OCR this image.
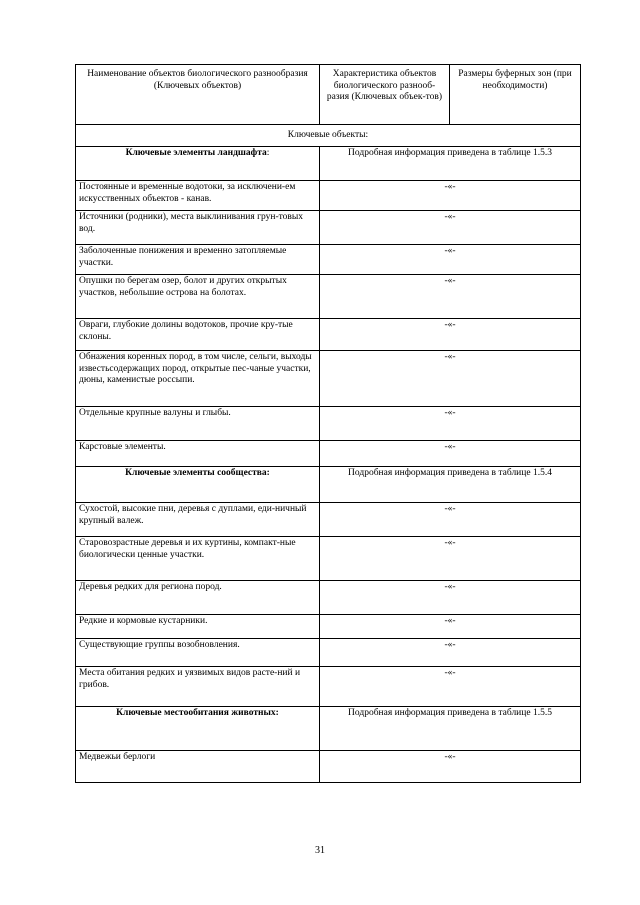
Наименование объектов биологического разнообразия (Ключевых объектов)	Характеристика объектов биологического разнооб-разия (Ключевых объек-тов)	Размеры буферных зон (при необходимости)
Ключевые объекты:		
Ключевые элементы ландшафта:	Подробная информация приведена в таблице 1.5.3	
Постоянные и временные водотоки, за исключени-ем искусственных объектов - канав.	-«-	
Источники (родники), места выклинивания грун-товых вод.	-«-	
Заболоченные понижения и временно затопляемые участки.	-«-	
Опушки по берегам озер, болот и других открытых участков, небольшие острова на болотах.	-«-	
Овраги, глубокие долины водотоков, прочие кру-тые склоны.	-«-	
Обнажения коренных пород, в том числе, сельги, выходы известьсодержащих пород, открытые пес-чаные участки, дюны, каменистые россыпи.	-«-	
Отдельные крупные валуны и глыбы.	-«-	
Карстовые элементы.	-«-	
Ключевые элементы сообщества:	Подробная информация приведена в таблице 1.5.4	
Сухостой, высокие пни, деревья с дуплами, еди-ничный крупный валеж.	-«-	
Старовозрастные деревья и их куртины, компакт-ные биологически ценные участки.	-«-	
Деревья редких для региона пород.	-«-	
Редкие и кормовые кустарники.	-«-	
Существующие группы возобновления.	-«-	
Места обитания редких и уязвимых видов расте-ний и грибов.	-«-	
Ключевые местообитания животных:	Подробная информация приведена в таблице 1.5.5	
Медвежьи берлоги	-«-	
31
